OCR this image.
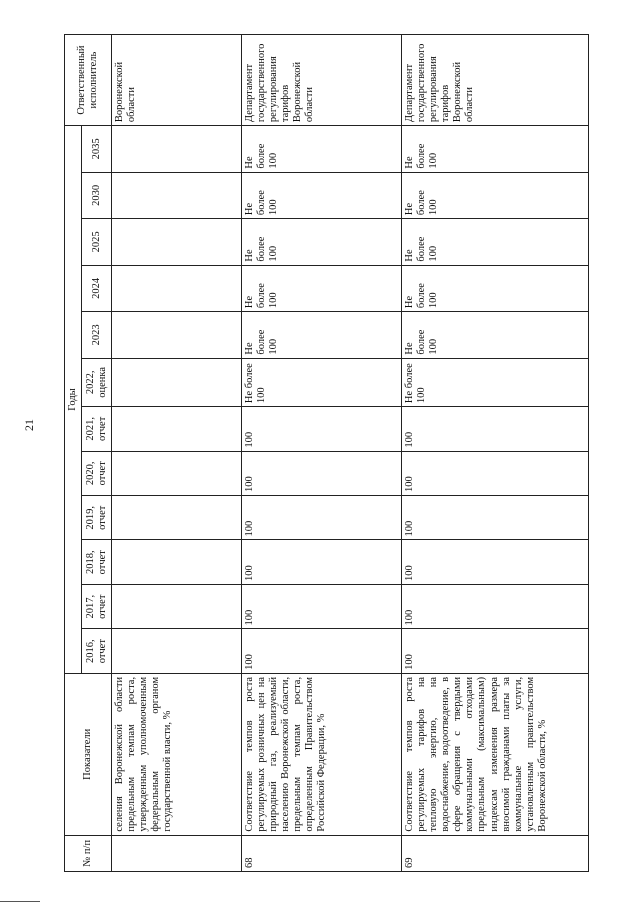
21
№ п/п	Показатели	Годы												Ответственный исполнитель
		2016, отчет	2017, отчет	2018, отчет	2019, отчет	2020, отчет	2021, отчет	2022, оценка	2023	2024	2025	2030	2035	
	селения Воронежской области предельным темпам роста, утвержденным уполномоченным федеральным органом государственной власти, %													Воронежской области
68	Соответствие темпов роста регулируемых розничных цен на природный газ, реализуемый населению Воронежской области, предельным темпам роста, определенным Правительством Российской Федерации, %	100	100	100	100	100	100	Не более 100	Не более 100	Не более 100	Не более 100	Не более 100	Не более 100	Департамент государственного регулирования тарифов Воронежской области
69	Соответствие темпов роста регулируемых тарифов на тепловую энергию, на водоснабжение, водоотведение, в сфере обращения с твердыми коммунальными отходами предельным (максимальным) индексам изменения размера вносимой гражданами платы за коммунальные услуги, установленным правительством Воронежской области, %	100	100	100	100	100	100	Не более 100	Не более 100	Не более 100	Не более 100	Не более 100	Не более 100	Департамент государственного регулирования тарифов Воронежской области
